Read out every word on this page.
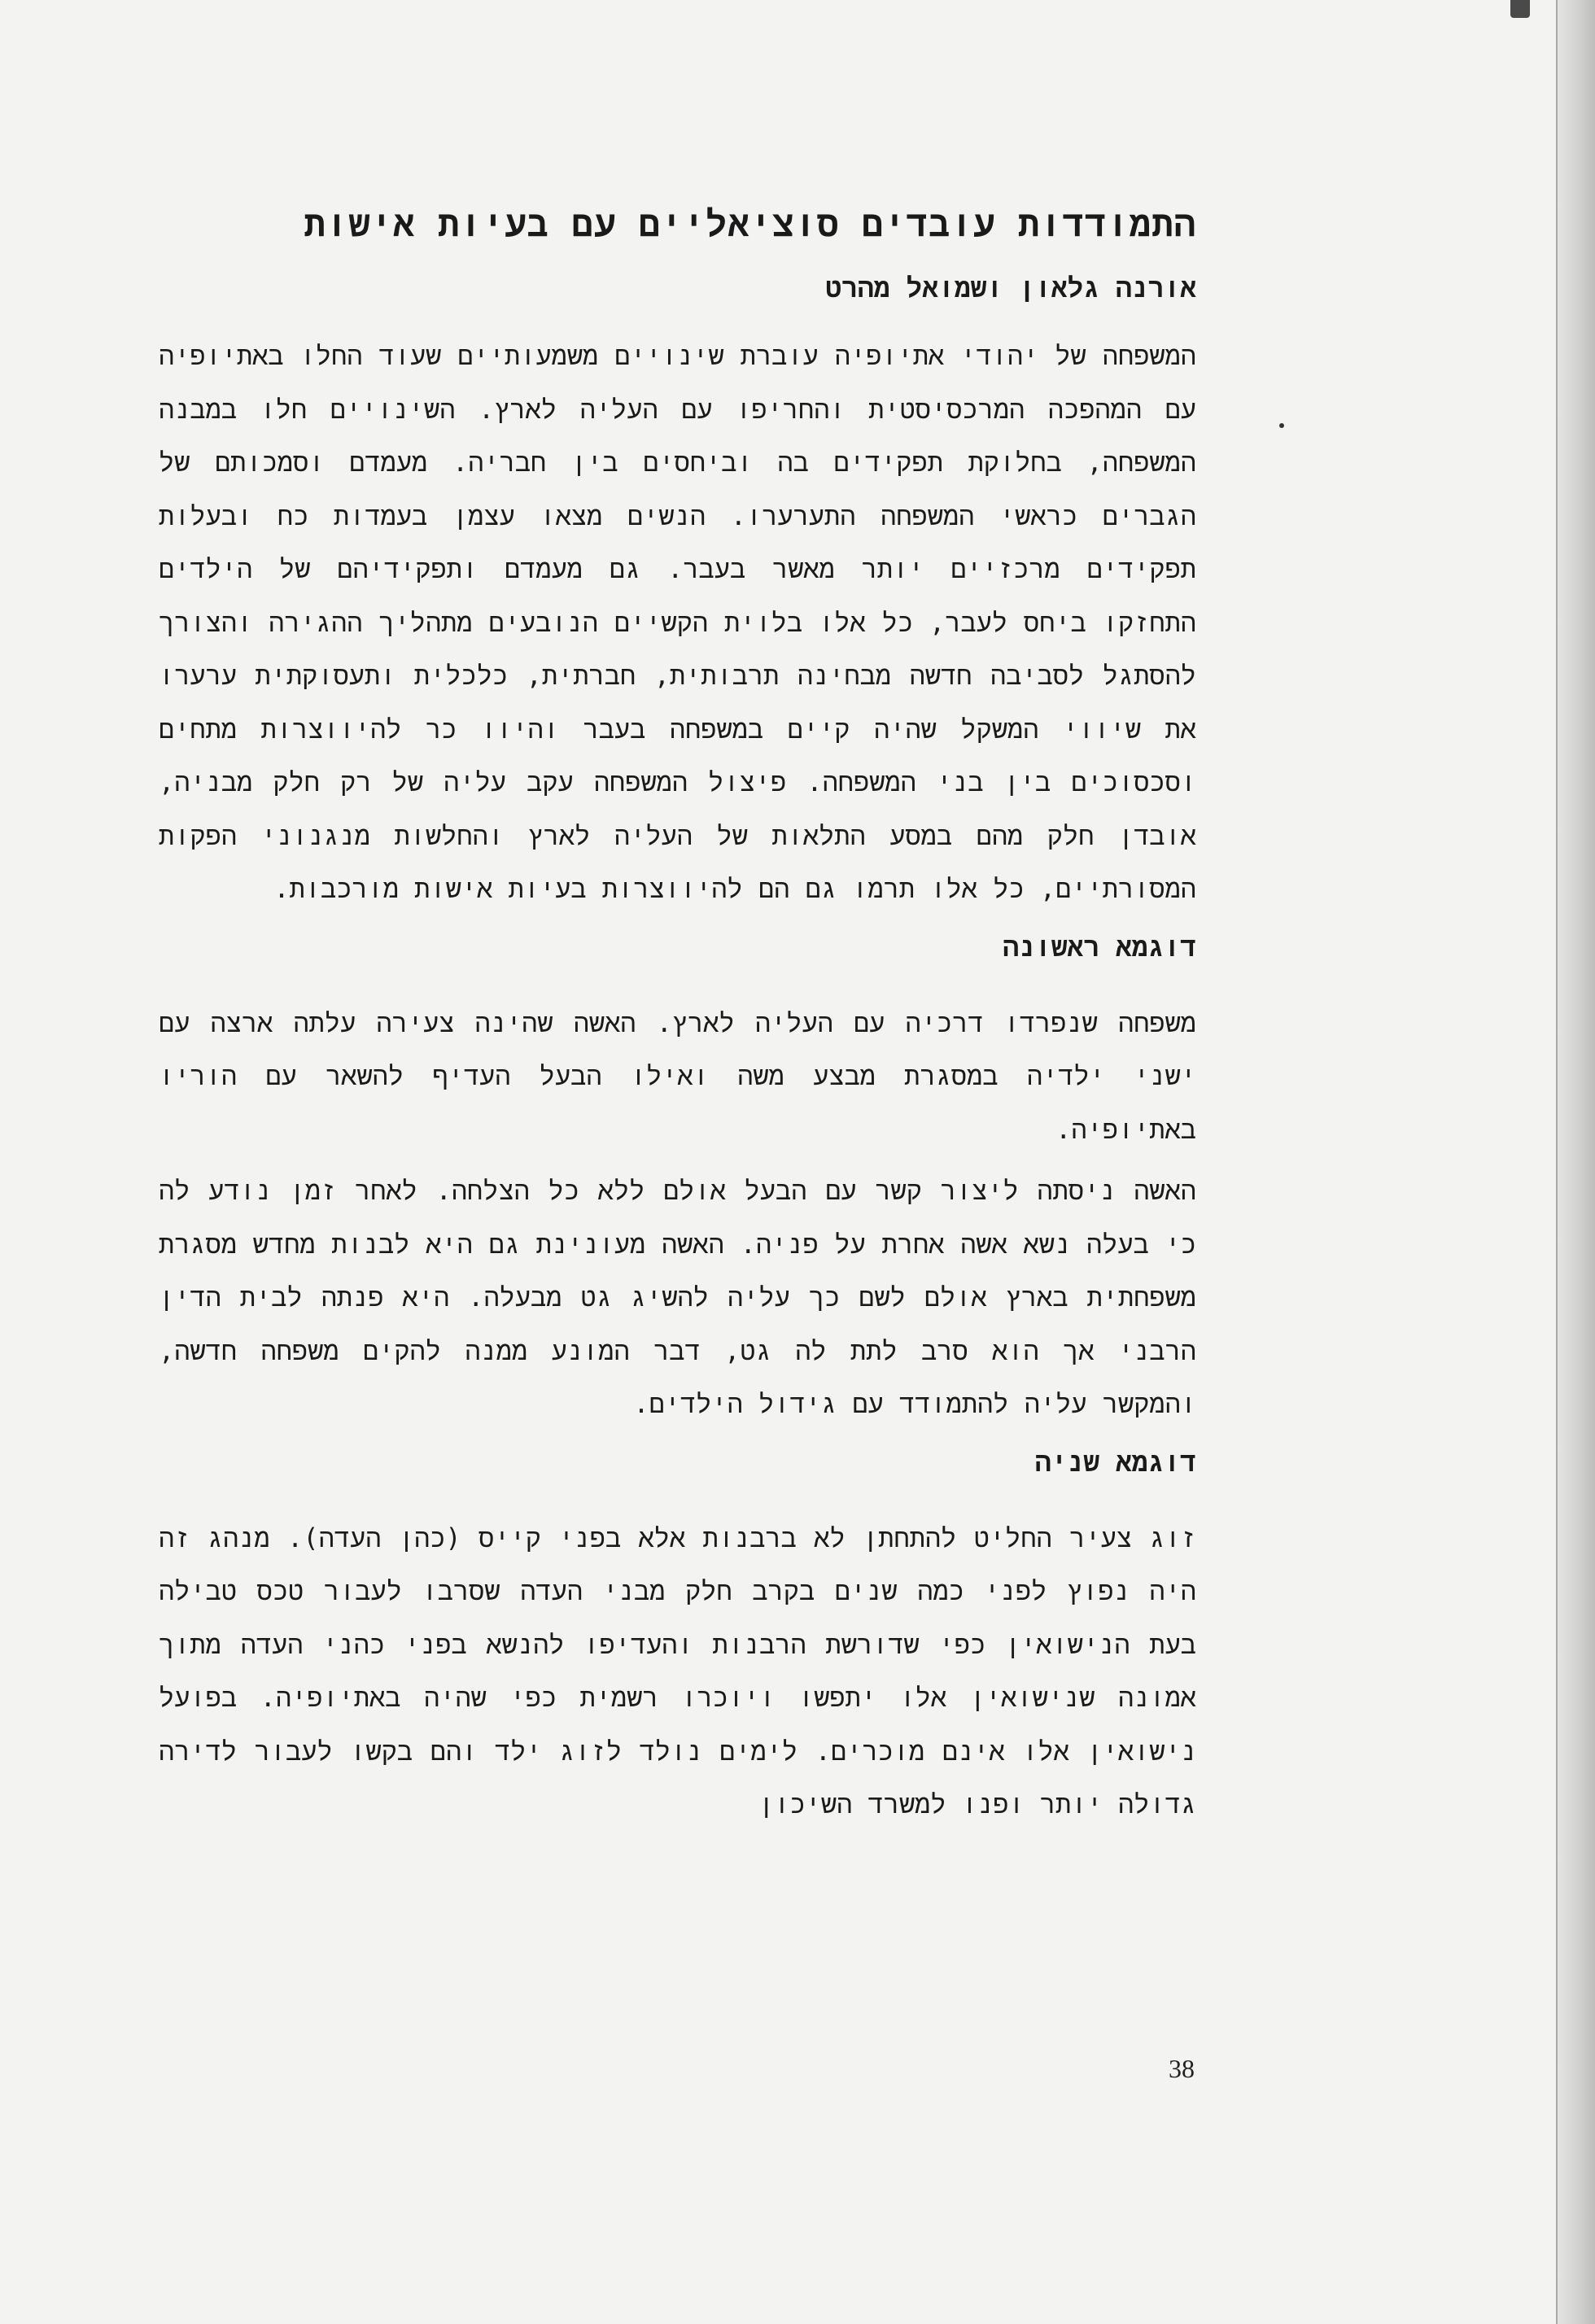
התמודדות עובדים סוציאליים עם בעיות אישות
אורנה גלאון ושמואל מהרט

המשפחה של יהודי אתיופיה עוברת שינויים משמעותיים שעוד החלו באתיופיה עם המהפכה המרכסיסטית והחריפו עם העליה לארץ. השינויים חלו במבנה המשפחה, בחלוקת תפקידים בה וביחסים בין חבריה. מעמדם וסמכותם של הגברים כראשי המשפחה התערערו. הנשים מצאו עצמן בעמדות כח ובעלות תפקידים מרכזיים יותר מאשר בעבר. גם מעמדם ותפקידיהם של הילדים התחזקו ביחס לעבר, כל אלו בלוית הקשיים הנובעים מתהליך ההגירה והצורך להסתגל לסביבה חדשה מבחינה תרבותית, חברתית, כלכלית ותעסוקתית ערערו את שיווי המשקל שהיה קיים במשפחה בעבר והיוו כר להיווצרות מתחים וסכסוכים בין בני המשפחה. פיצול המשפחה עקב עליה של רק חלק מבניה, אובדן חלק מהם במסע התלאות של העליה לארץ והחלשות מנגנוני הפקות המסורתיים, כל אלו תרמו גם הם להיווצרות בעיות אישות מורכבות.

דוגמא ראשונה

משפחה שנפרדו דרכיה עם העליה לארץ. האשה שהינה צעירה עלתה ארצה עם ישני ילדיה במסגרת מבצע משה ואילו הבעל העדיף להשאר עם הוריו באתיופיה.

האשה ניסתה ליצור קשר עם הבעל אולם ללא כל הצלחה. לאחר זמן נודע לה כי בעלה נשא אשה אחרת על פניה. האשה מעונינת גם היא לבנות מחדש מסגרת משפחתית בארץ אולם לשם כך עליה להשיג גט מבעלה. היא פנתה לבית הדין הרבני אך הוא סרב לתת לה גט, דבר המונע ממנה להקים משפחה חדשה, והמקשר עליה להתמודד עם גידול הילדים.

דוגמא שניה

זוג צעיר החליט להתחתן לא ברבנות אלא בפני קייס (כהן העדה). מנהג זה היה נפוץ לפני כמה שנים בקרב חלק מבני העדה שסרבו לעבור טכס טבילה בעת הנישואין כפי שדורשת הרבנות והעדיפו להנשא בפני כהני העדה מתוך אמונה שנישואין אלו יתפשו ויוכרו רשמית כפי שהיה באתיופיה. בפועל נישואין אלו אינם מוכרים. לימים נולד לזוג ילד והם בקשו לעבור לדירה גדולה יותר ופנו למשרד השיכון

38
